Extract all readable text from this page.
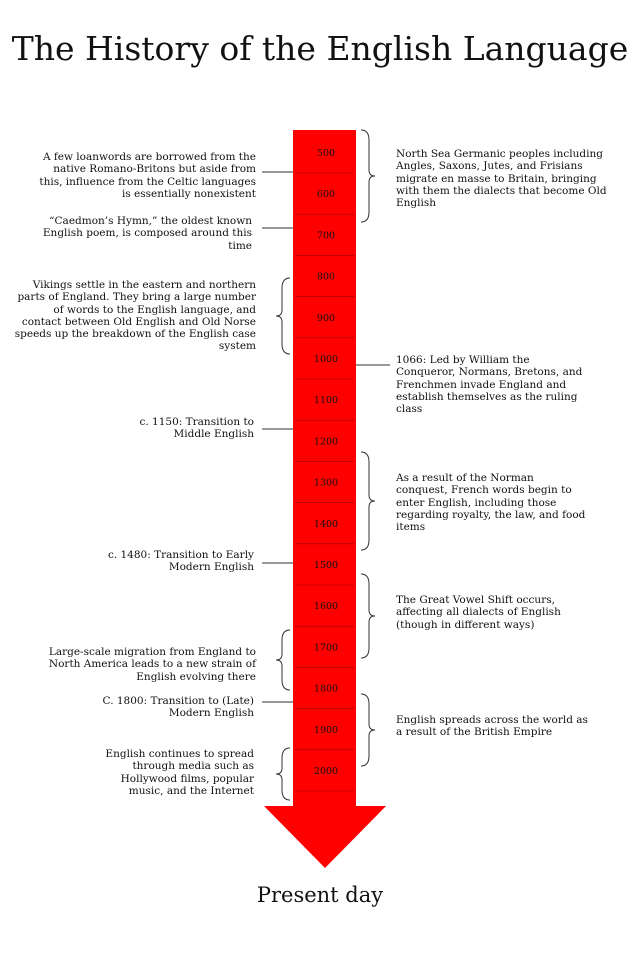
The History of the English Language
500
600
700
800
900
1000
1100
1200
1300
1400
1500
1600
1700
1800
1900
2000
A few loanwords are borrowed from the native Romano-Britons but aside from this, influence from the Celtic languages is essentially nonexistent
“Caedmon’s Hymn,” the oldest known English poem, is composed around this time
Vikings settle in the eastern and northern parts of England. They bring a large number of words to the English language, and contact between Old English and Old Norse speeds up the breakdown of the English case system
c. 1150: Transition to Middle English
c. 1480: Transition to Early Modern English
Large-scale migration from England to North America leads to a new strain of English evolving there
C. 1800: Transition to (Late) Modern English
English continues to spread through media such as Hollywood films, popular music, and the Internet
North Sea Germanic peoples including Angles, Saxons, Jutes, and Frisians migrate en masse to Britain, bringing with them the dialects that become Old English
1066: Led by William the Conqueror, Normans, Bretons, and Frenchmen invade England and establish themselves as the ruling class
As a result of the Norman conquest, French words begin to enter English, including those regarding royalty, the law, and food items
The Great Vowel Shift occurs, affecting all dialects of English (though in different ways)
English spreads across the world as a result of the British Empire
Present day
